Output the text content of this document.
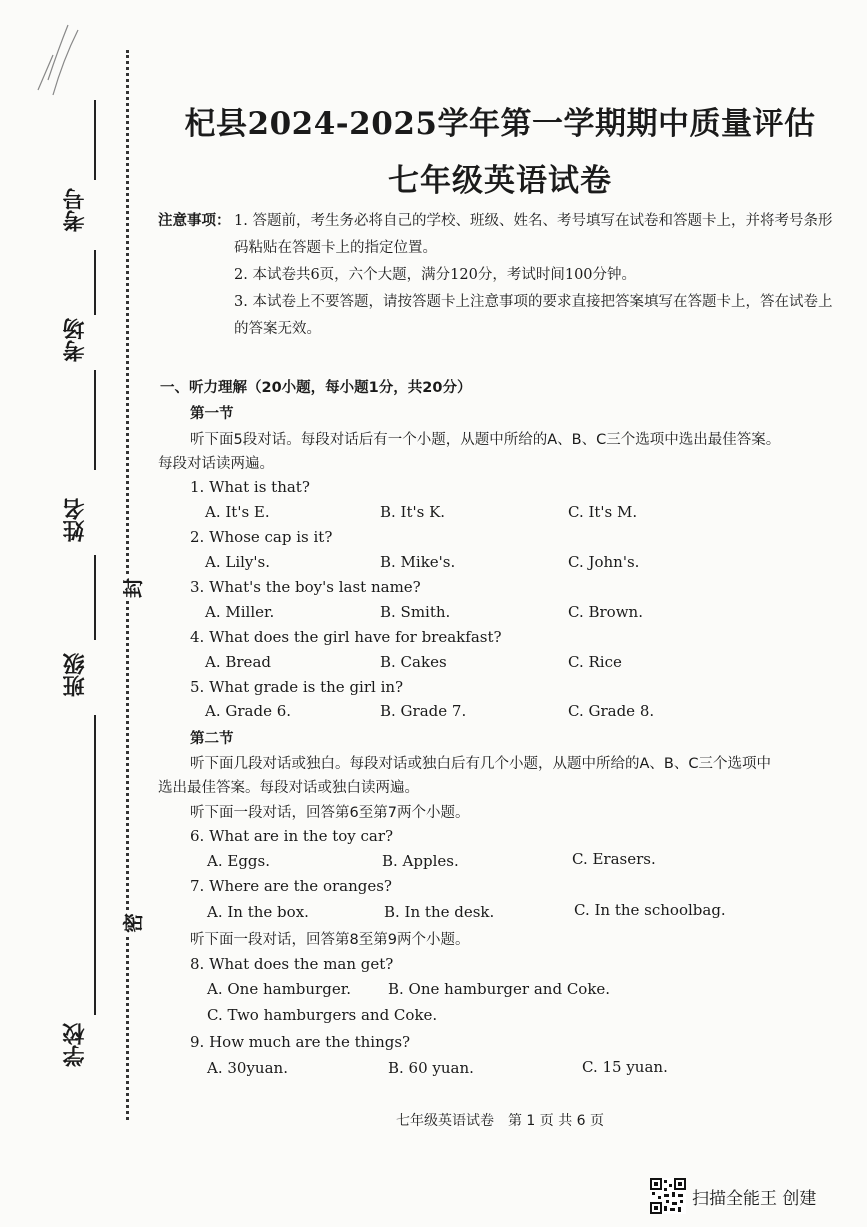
考号
考场
姓名
班级
学校
封
密
杞县2024-2025学年第一学期期中质量评估
七年级英语试卷
注意事项： 1. 答题前，考生务必将自己的学校、班级、姓名、考号填写在试卷和答题卡上，并将考号条形码粘贴在答题卡上的指定位置。
2. 本试卷共6页，六个大题，满分120分，考试时间100分钟。
3. 本试卷上不要答题，请按答题卡上注意事项的要求直接把答案填写在答题卡上，答在试卷上的答案无效。
一、听力理解（20小题，每小题1分，共20分）
第一节
听下面5段对话。每段对话后有一个小题，从题中所给的A、B、C三个选项中选出最佳答案。
每段对话读两遍。
1. What is that?
A. It's E.	B. It's K.	C. It's M.
2. Whose cap is it?
A. Lily's.	B. Mike's.	C. John's.
3. What's the boy's last name?
A. Miller.	B. Smith.	C. Brown.
4. What does the girl have for breakfast?
A. Bread	B. Cakes	C. Rice
5. What grade is the girl in?
A. Grade 6.	B. Grade 7.	C. Grade 8.
第二节
听下面几段对话或独白。每段对话或独白后有几个小题，从题中所给的A、B、C三个选项中
选出最佳答案。每段对话或独白读两遍。
听下面一段对话，回答第6至第7两个小题。
6. What are in the toy car?
A. Eggs.	B. Apples.	C. Erasers.
7. Where are the oranges?
A. In the box.	B. In the desk.	C. In the schoolbag.
听下面一段对话，回答第8至第9两个小题。
8. What does the man get?
A. One hamburger. B. One hamburger and Coke.
C. Two hamburgers and Coke.
9. How much are the things?
A. 30yuan.	B. 60 yuan.	C. 15 yuan.
七年级英语试卷　第 1 页 共 6 页
扫描全能王 创建
